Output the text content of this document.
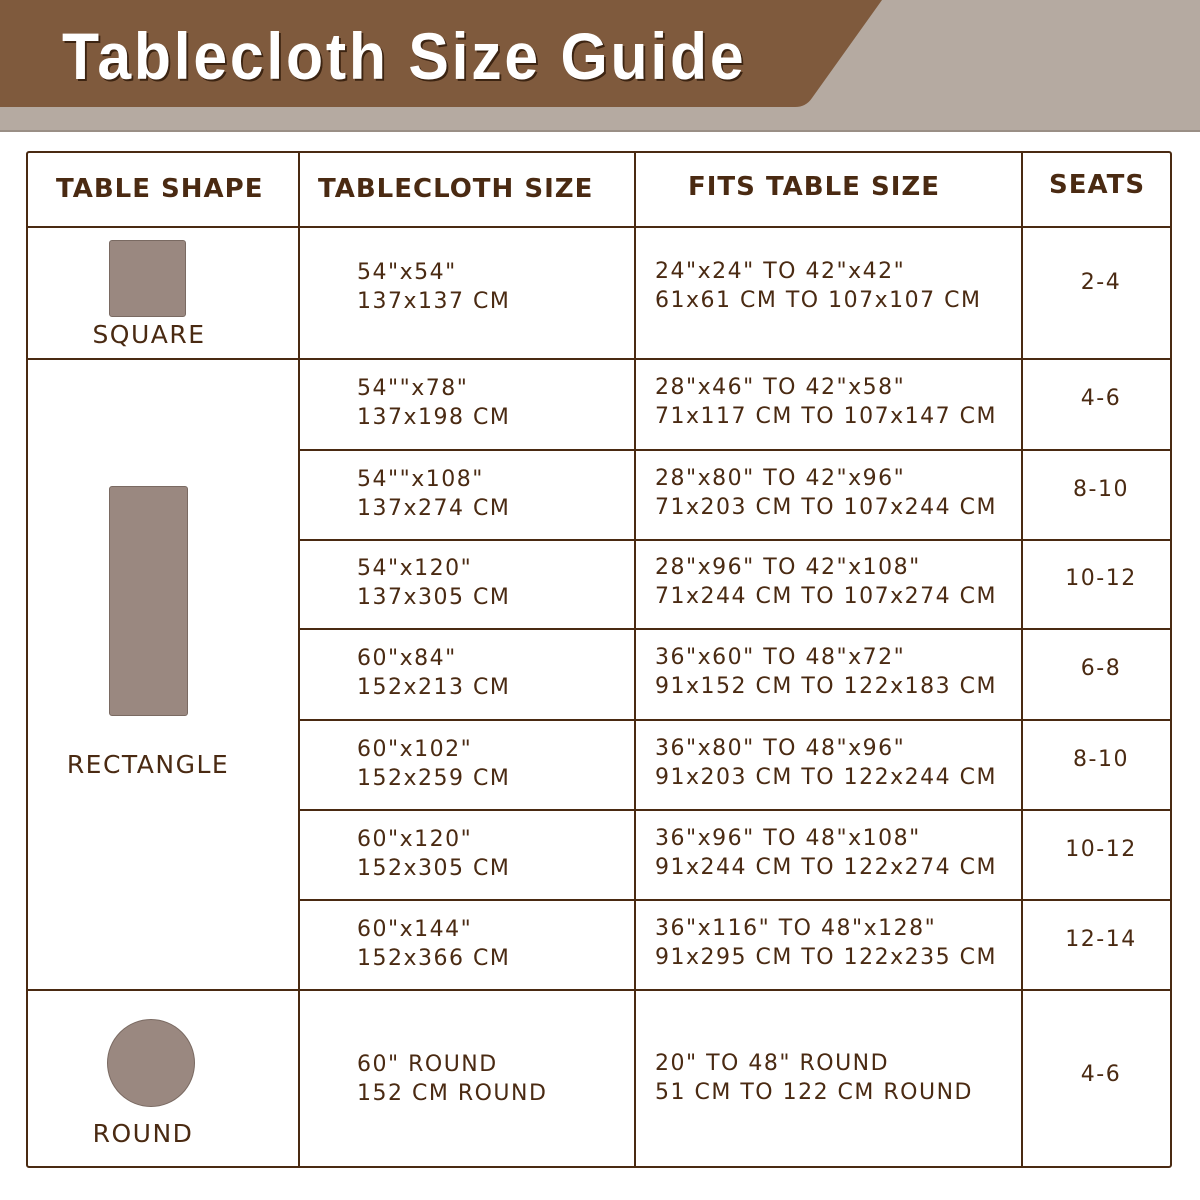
Tablecloth Size Guide
TABLE SHAPE TABLECLOTH SIZE	FITS TABLE SIZE	SEATS
SQUARE
RECTANGLE
ROUND
54"x54"
137x137 CM
24"x24" TO 42"x42"
61x61 CM TO 107x107 CM
2-4
54""x78"
137x198 CM
28"x46" TO 42"x58"
71x117 CM TO 107x147 CM
4-6
54""x108"
137x274 CM
28"x80" TO 42"x96"
71x203 CM TO 107x244 CM
8-10
54"x120"
137x305 CM
28"x96" TO 42"x108"
71x244 CM TO 107x274 CM
10-12
60"x84"
152x213 CM
36"x60" TO 48"x72"
91x152 CM TO 122x183 CM
6-8
60"x102"
152x259 CM
36"x80" TO 48"x96"
91x203 CM TO 122x244 CM
8-10
60"x120"
152x305 CM
36"x96" TO 48"x108"
91x244 CM TO 122x274 CM
10-12
60"x144"
152x366 CM
36"x116" TO 48"x128"
91x295 CM TO 122x235 CM
12-14
60" ROUND
152 CM ROUND
20" TO 48" ROUND
51 CM TO 122 CM ROUND
4-6
